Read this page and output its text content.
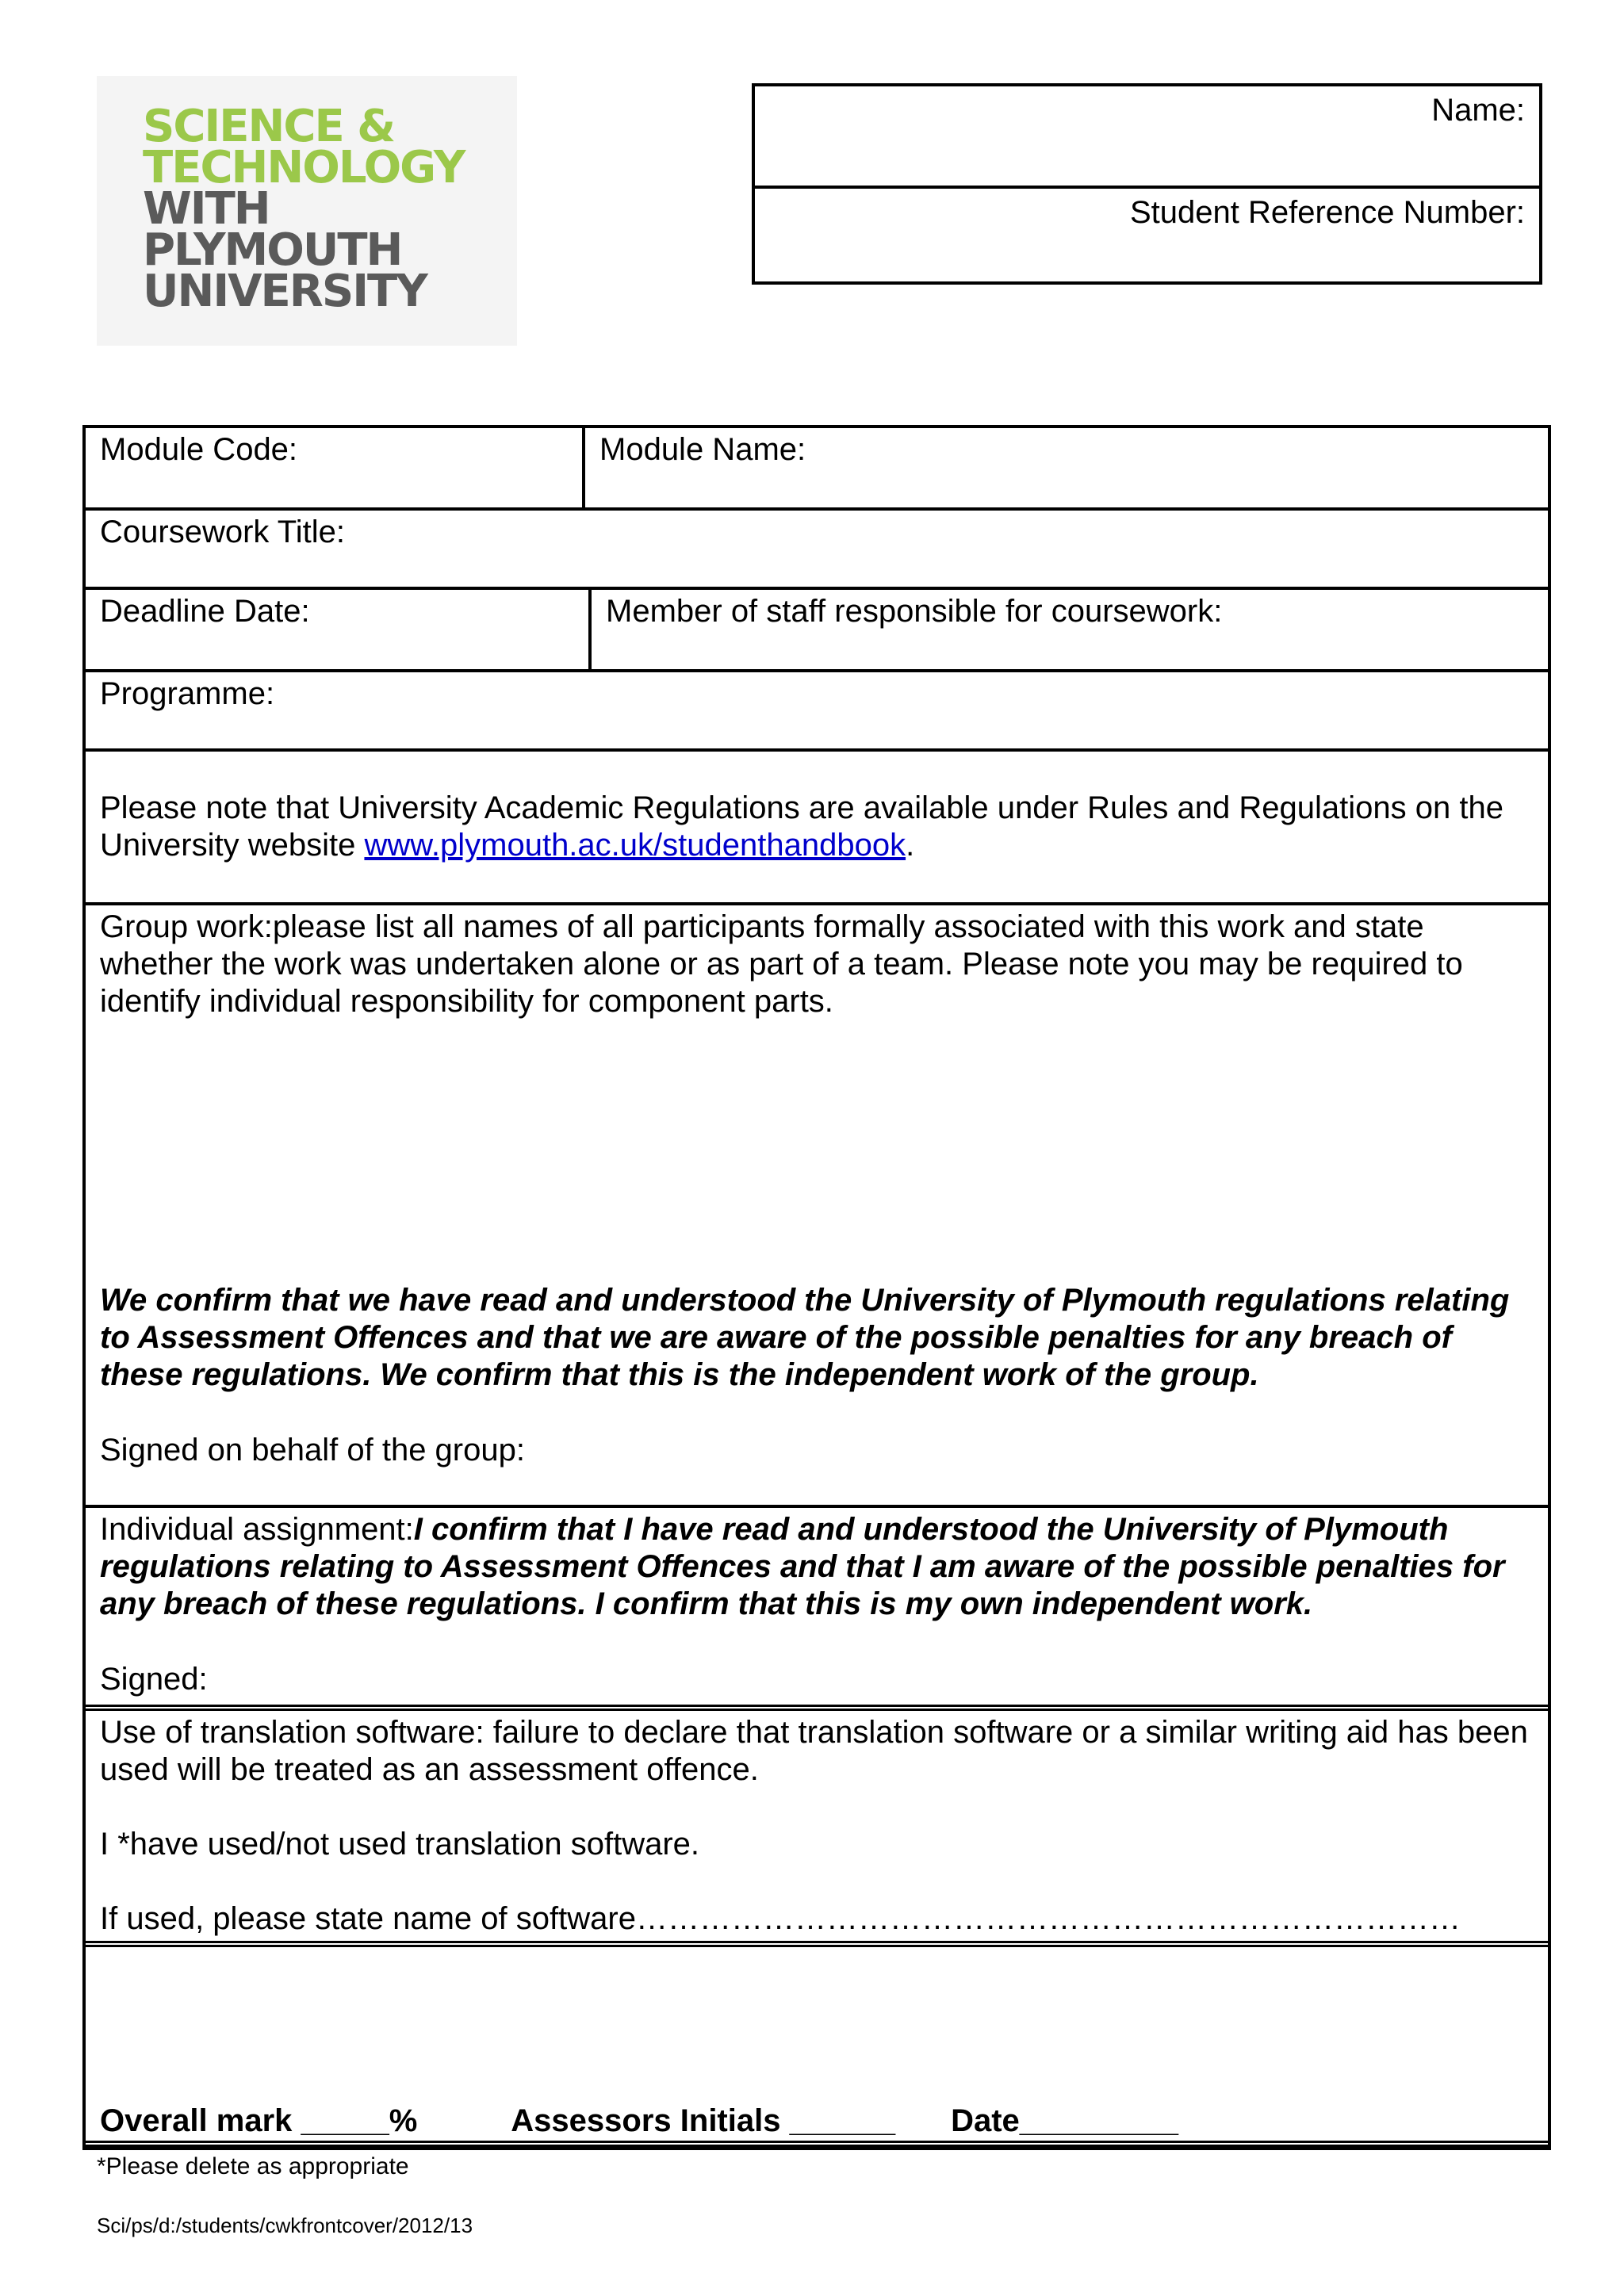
SCIENCE &
TECHNOLOGY
WITH
PLYMOUTH
UNIVERSITY
Name:
Student Reference Number:
Module Code:	Module Name:
Coursework Title:
Deadline Date:	Member of staff responsible for coursework:
Programme:
Please note that University Academic Regulations are available under Rules and Regulations on the University website www.plymouth.ac.uk/studenthandbook.
Group work:please list all names of all participants formally associated with this work and state whether the work was undertaken alone or as part of a team. Please note you may be required to identify individual responsibility for component parts.
We confirm that we have read and understood the University of Plymouth regulations relating to Assessment Offences and that we are aware of the possible penalties for any breach of these regulations. We confirm that this is the independent work of the group.
Signed on behalf of the group:
Individual assignment:I confirm that I have read and understood the University of Plymouth regulations relating to Assessment Offences and that I am aware of the possible penalties for any breach of these regulations. I confirm that this is my own independent work.
Signed:
Use of translation software: failure to declare that translation software or a similar writing aid has been used will be treated as an assessment offence.
I *have used/not used translation software.
If used, please state name of software……………………………………………………………………
Overall mark _____%	Assessors Initials ______ Date_________
*Please delete as appropriate
Sci/ps/d:/students/cwkfrontcover/2012/13
